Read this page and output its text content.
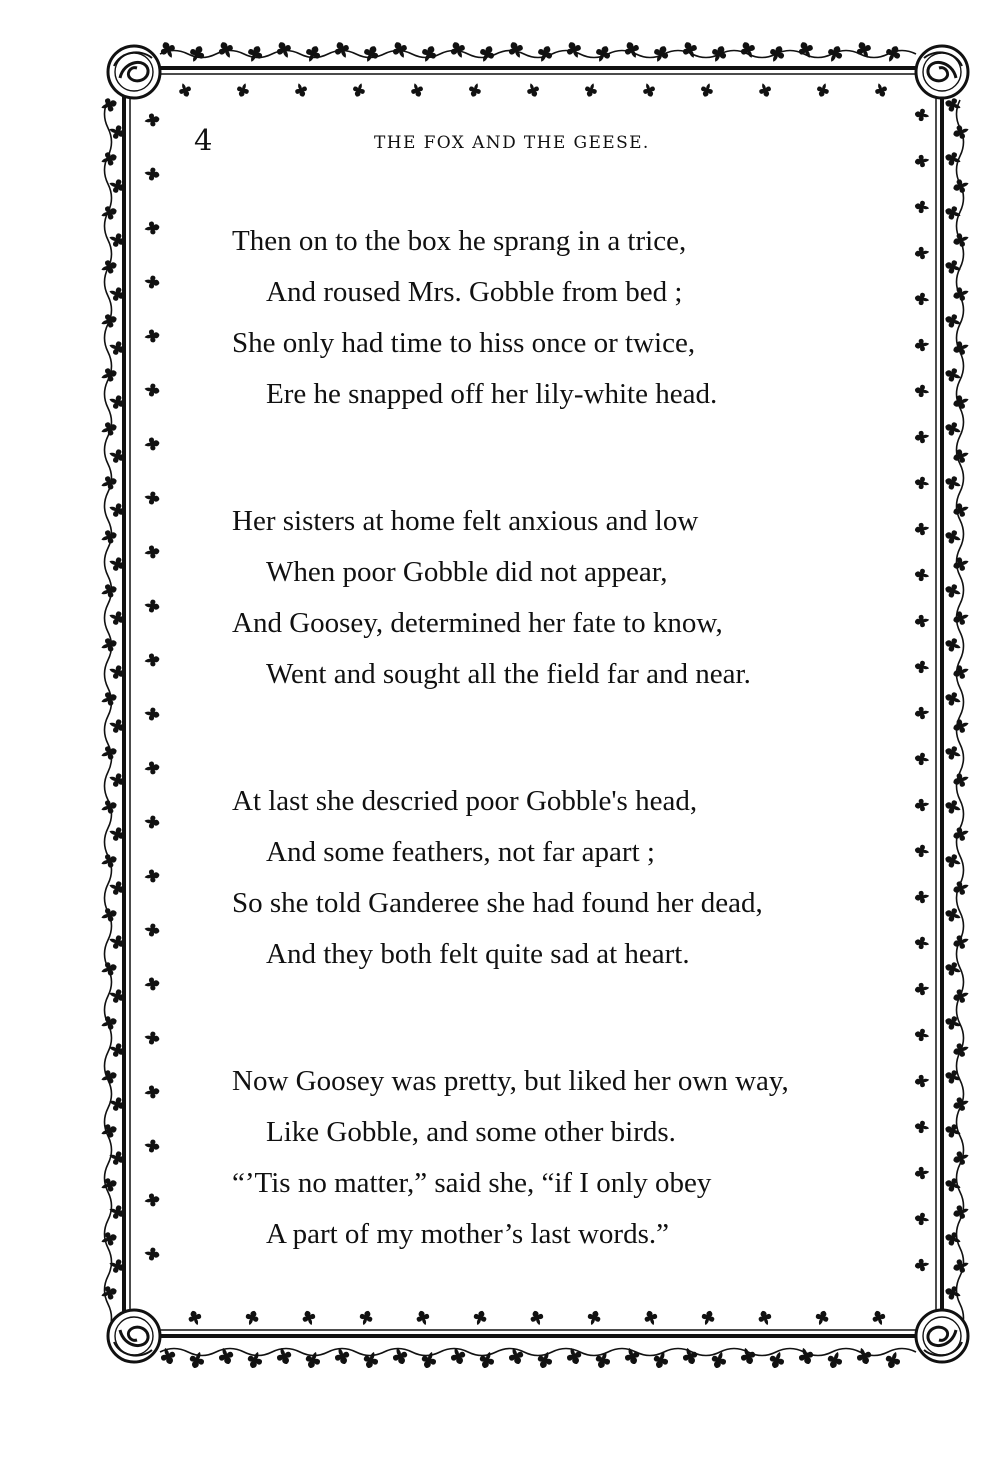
4	THE FOX AND THE GEESE.
Then on to the box he sprang in a trice,
And roused Mrs. Gobble from bed ;
She only had time to hiss once or twice,
Ere he snapped off her lily-white head.
Her sisters at home felt anxious and low
When poor Gobble did not appear,
And Goosey, determined her fate to know,
Went and sought all the field far and near.
At last she descried poor Gobble's head,
And some feathers, not far apart ;
So she told Ganderee she had found her dead,
And they both felt quite sad at heart.
Now Goosey was pretty, but liked her own way,
Like Gobble, and some other birds.
“’Tis no matter,” said she, “if I only obey
A part of my mother’s last words.”
